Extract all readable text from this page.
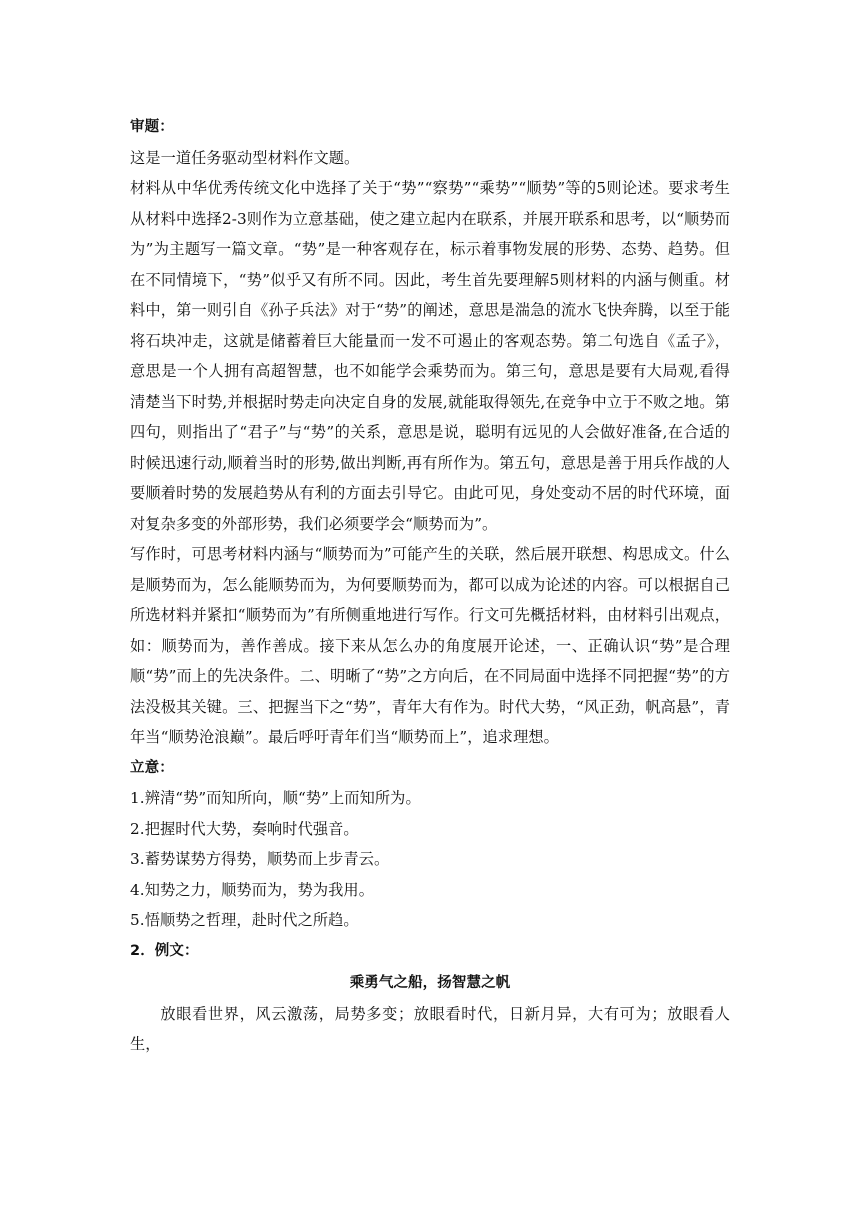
审题：

这是一道任务驱动型材料作文题。

材料从中华优秀传统文化中选择了关于“势”“察势”“乘势”“顺势”等的5则论述。要求考生从材料中选择2-3则作为立意基础，使之建立起内在联系，并展开联系和思考，以“顺势而为”为主题写一篇文章。“势”是一种客观存在，标示着事物发展的形势、态势、趋势。但在不同情境下，“势”似乎又有所不同。因此，考生首先要理解5则材料的内涵与侧重。材料中，第一则引自《孙子兵法》对于“势”的阐述，意思是湍急的流水飞快奔腾，以至于能将石块冲走，这就是储蓄着巨大能量而一发不可遏止的客观态势。第二句选自《孟子》，意思是一个人拥有高超智慧，也不如能学会乘势而为。第三句，意思是要有大局观,看得清楚当下时势,并根据时势走向决定自身的发展,就能取得领先,在竞争中立于不败之地。第四句，则指出了“君子”与“势”的关系，意思是说，聪明有远见的人会做好准备,在合适的时候迅速行动,顺着当时的形势,做出判断,再有所作为。第五句，意思是善于用兵作战的人要顺着时势的发展趋势从有利的方面去引导它。由此可见，身处变动不居的时代环境，面对复杂多变的外部形势，我们必须要学会“顺势而为”。

写作时，可思考材料内涵与“顺势而为”可能产生的关联，然后展开联想、构思成文。什么是顺势而为，怎么能顺势而为，为何要顺势而为，都可以成为论述的内容。可以根据自己所选材料并紧扣“顺势而为”有所侧重地进行写作。行文可先概括材料，由材料引出观点，如：顺势而为，善作善成。接下来从怎么办的角度展开论述，一、正确认识“势”是合理顺“势”而上的先决条件。二、明晰了“势”之方向后，在不同局面中选择不同把握“势”的方法没极其关键。三、把握当下之“势”，青年大有作为。时代大势，“风正劲，帆高悬”，青年当“顺势沧浪巅”。最后呼吁青年们当“顺势而上”，追求理想。

立意：

1.辨清“势”而知所向，顺“势”上而知所为。

2.把握时代大势，奏响时代强音。

3.蓄势谋势方得势，顺势而上步青云。

4.知势之力，顺势而为，势为我用。

5.悟顺势之哲理，赴时代之所趋。

2．例文：

乘勇气之船，扬智慧之帆

放眼看世界，风云激荡，局势多变；放眼看时代，日新月异，大有可为；放眼看人生，
